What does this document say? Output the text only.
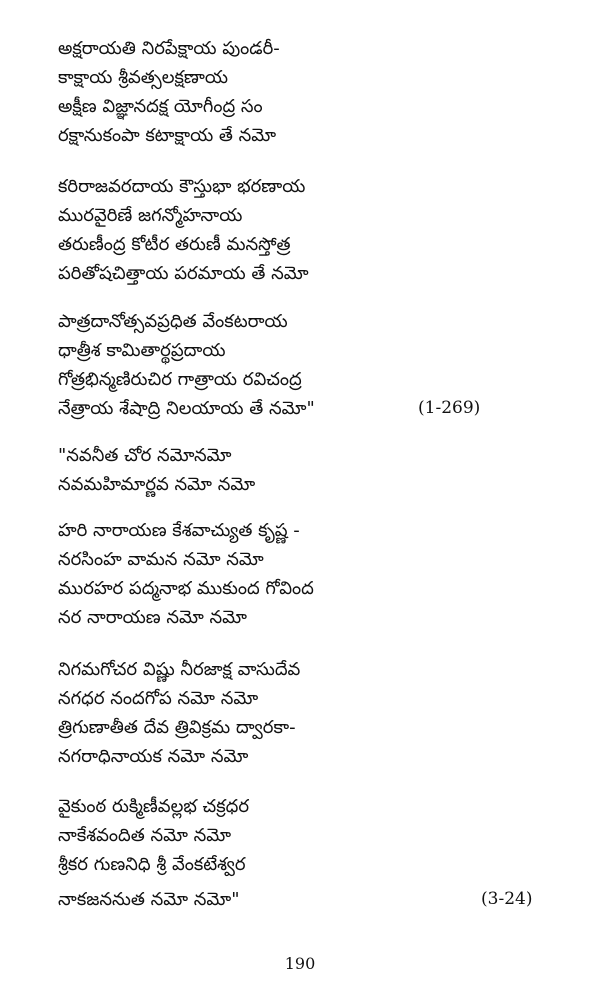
అక్షరాయతి నిరపేక్షాయ పుండరీ-
కాక్షాయ శ్రీవత్సలక్షణాయ
అక్షీణ విజ్ఞానదక్ష యోగీంద్ర సం
రక్షానుకంపా కటాక్షాయ తే నమో
కరిరాజవరదాయ కౌస్తుభా భరణాయ
మురవైరిణే జగన్మోహనాయ
తరుణీంద్ర కోటీర తరుణీ మనస్తోత్ర
పరితోషచిత్తాయ పరమాయ తే నమో
పాత్రదానోత్సవప్రధిత వేంకటరాయ
ధాత్రీశ కామితార్థప్రదాయ
గోత్రభిన్మణిరుచిర గాత్రాయ రవిచంద్ర
నేత్రాయ శేషాద్రి నిలయాయ తే నమో"	(1-269)
"నవనీత చోర నమోనమో
నవమహిమార్ణవ నమో నమో
హరి నారాయణ కేశవాచ్యుత కృష్ణ -
నరసింహ వామన నమో నమో
మురహర పద్మనాభ ముకుంద గోవింద
నర నారాయణ నమో నమో
నిగమగోచర విష్ణు నీరజాక్ష వాసుదేవ
నగధర నందగోప నమో నమో
త్రిగుణాతీత దేవ త్రివిక్రమ ద్వారకా-
నగరాధినాయక నమో నమో
వైకుంఠ రుక్మిణీవల్లభ చక్రధర
నాకేశవందిత నమో నమో
శ్రీకర గుణనిధి శ్రీ వేంకటేశ్వర
నాకజననుత నమో నమో"	(3-24)
190
